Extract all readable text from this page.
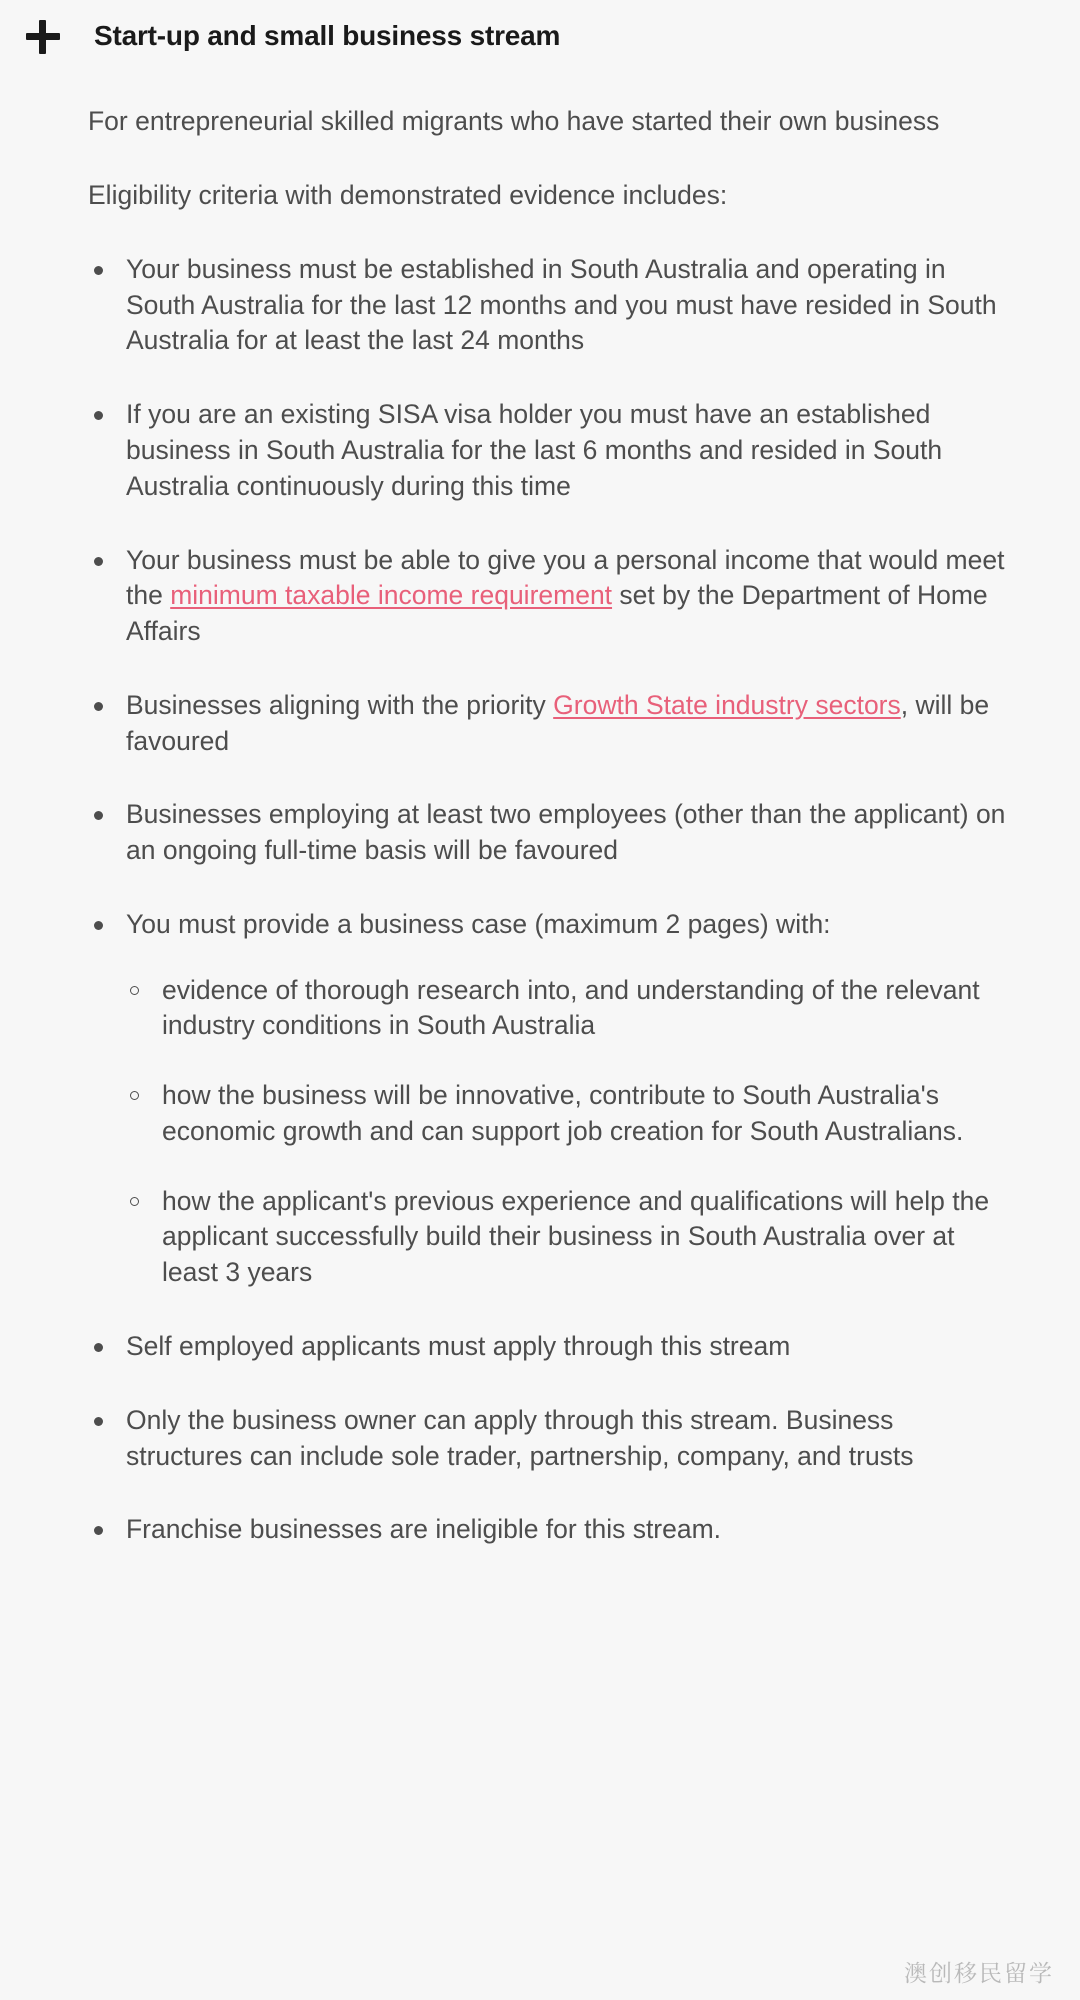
Start-up and small business stream

For entrepreneurial skilled migrants who have started their own business

Eligibility criteria with demonstrated evidence includes:

Your business must be established in South Australia and operating in South Australia for the last 12 months and you must have resided in South Australia for at least the last 24 months
If you are an existing SISA visa holder you must have an established business in South Australia for the last 6 months and resided in South Australia continuously during this time
Your business must be able to give you a personal income that would meet the minimum taxable income requirement set by the Department of Home Affairs
Businesses aligning with the priority Growth State industry sectors, will be favoured
Businesses employing at least two employees (other than the applicant) on an ongoing full-time basis will be favoured
You must provide a business case (maximum 2 pages) with:
evidence of thorough research into, and understanding of the relevant industry conditions in South Australia
how the business will be innovative, contribute to South Australia's economic growth and can support job creation for South Australians.
how the applicant's previous experience and qualifications will help the applicant successfully build their business in South Australia over at least 3 years
Self employed applicants must apply through this stream
Only the business owner can apply through this stream. Business structures can include sole trader, partnership, company, and trusts
Franchise businesses are ineligible for this stream.
澳创移民留学
